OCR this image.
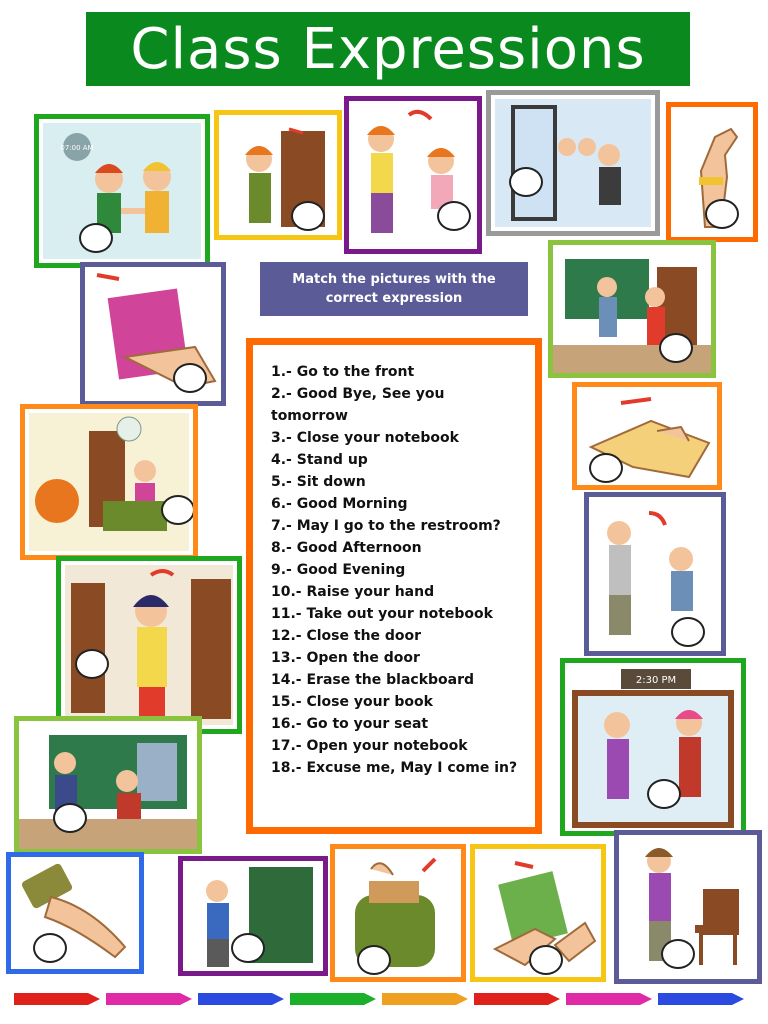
Class Expressions
Match the pictures with the correct expression
1.- Go to the front
2.- Good Bye, See you tomorrow
3.- Close your notebook
4.- Stand up
5.- Sit down
6.- Good Morning
7.- May I go to the restroom?
8.- Good Afternoon
9.- Good Evening
10.- Raise your hand
11.- Take out your notebook
12.- Close the door
13.- Open the door
14.- Erase the blackboard
15.- Close your book
16.- Go to your seat
17.- Open your notebook
18.- Excuse me, May I come in?
07:00 AM
2:30 PM
